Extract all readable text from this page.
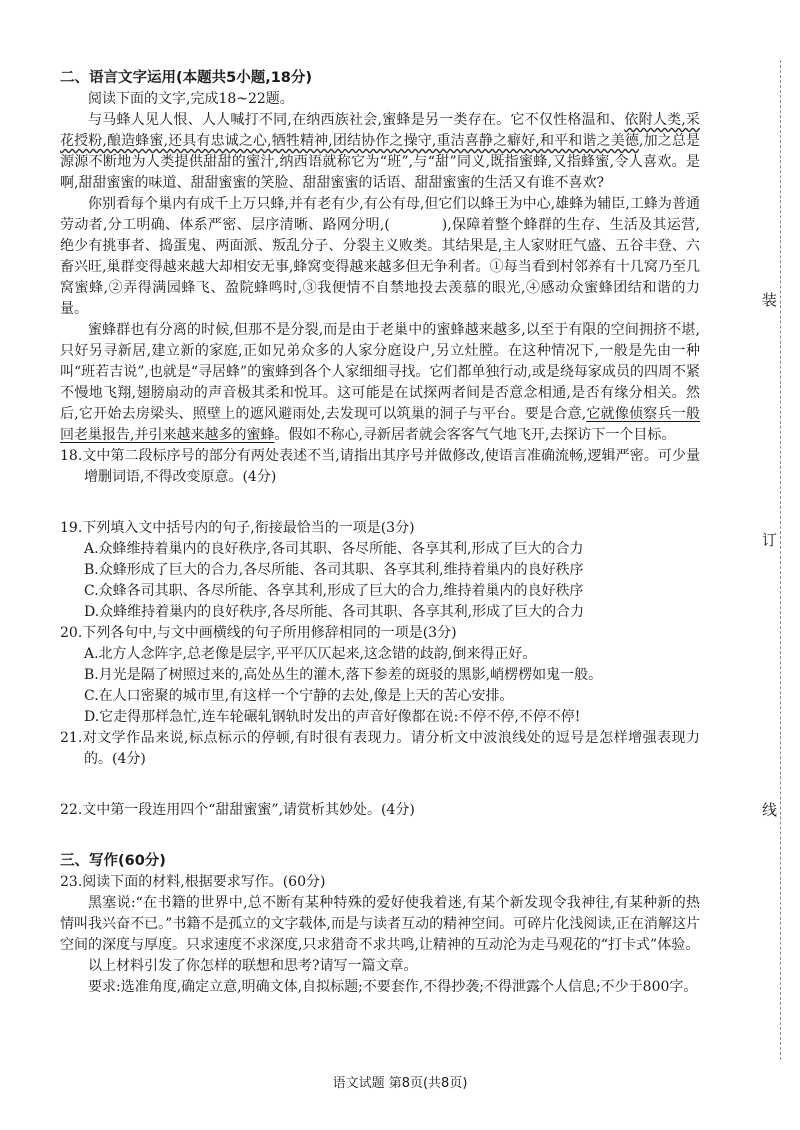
二、语言文字运用(本题共5小题,18分)

阅读下面的文字,完成18~22题。

与马蜂人见人恨、人人喊打不同,在纳西族社会,蜜蜂是另一类存在。它不仅性格温和、依附人类,采花授粉,酿造蜂蜜,还具有忠诚之心,牺牲精神,团结协作之操守,重洁喜静之癖好,和平和谐之美德,加之总是源源不断地为人类提供甜甜的蜜汁,纳西语就称它为“班”,与“甜”同义,既指蜜蜂,又指蜂蜜,令人喜欢。是啊,甜甜蜜蜜的味道、甜甜蜜蜜的笑脸、甜甜蜜蜜的话语、甜甜蜜蜜的生活又有谁不喜欢?

你别看每个巢内有成千上万只蜂,并有老有少,有公有母,但它们以蜂王为中心,雄蜂为辅臣,工蜂为普通劳动者,分工明确、体系严密、层序清晰、路网分明,(	),保障着整个蜂群的生存、生活及其运营,绝少有挑事者、捣蛋鬼、两面派、叛乱分子、分裂主义败类。其结果是,主人家财旺气盛、五谷丰登、六畜兴旺,巢群变得越来越大却相安无事,蜂窝变得越来越多但无争利者。①每当看到村邻养有十几窝乃至几窝蜜蜂,②弄得满园蜂飞、盈院蜂鸣时,③我便情不自禁地投去羡慕的眼光,④感动众蜜蜂团结和谐的力量。

蜜蜂群也有分离的时候,但那不是分裂,而是由于老巢中的蜜蜂越来越多,以至于有限的空间拥挤不堪,只好另寻新居,建立新的家庭,正如兄弟众多的人家分庭设户,另立灶膛。在这种情况下,一般是先由一种叫“班若吉说”,也就是“寻居蜂”的蜜蜂到各个人家细细寻找。它们都单独行动,或是绕每家成员的四周不紧不慢地飞翔,翅膀扇动的声音极其柔和悦耳。这可能是在试探两者间是否意念相通,是否有缘分相关。然后,它开始去房梁头、照壁上的遮风避雨处,去发现可以筑巢的洞子与平台。要是合意,它就像侦察兵一般回老巢报告,并引来越来越多的蜜蜂。假如不称心,寻新居者就会客客气气地飞开,去探访下一个目标。

18.文中第二段标序号的部分有两处表述不当,请指出其序号并做修改,使语言准确流畅,逻辑严密。可少量增删词语,不得改变原意。(4分)

19.下列填入文中括号内的句子,衔接最恰当的一项是(3分)

A.众蜂维持着巢内的良好秩序,各司其职、各尽所能、各享其利,形成了巨大的合力

B.众蜂形成了巨大的合力,各尽所能、各司其职、各享其利,维持着巢内的良好秩序

C.众蜂各司其职、各尽所能、各享其利,形成了巨大的合力,维持着巢内的良好秩序

D.众蜂维持着巢内的良好秩序,各尽所能、各司其职、各享其利,形成了巨大的合力

20.下列各句中,与文中画横线的句子所用修辞相同的一项是(3分)

A.北方人念阵字,总老像是层字,平平仄仄起来,这念错的歧韵,倒来得正好。

B.月光是隔了树照过来的,高处丛生的灌木,落下参差的斑驳的黑影,峭楞楞如鬼一般。

C.在人口密聚的城市里,有这样一个宁静的去处,像是上天的苦心安排。

D.它走得那样急忙,连车轮碾轧钢轨时发出的声音好像都在说:不停不停,不停不停!

21.对文学作品来说,标点标示的停顿,有时很有表现力。请分析文中波浪线处的逗号是怎样增强表现力的。(4分)

22.文中第一段连用四个“甜甜蜜蜜”,请赏析其妙处。(4分)

三、写作(60分)

23.阅读下面的材料,根据要求写作。(60分)

黑塞说:“在书籍的世界中,总不断有某种特殊的爱好使我着迷,有某个新发现令我神往,有某种新的热情叫我兴奋不已。”书籍不是孤立的文字载体,而是与读者互动的精神空间。可碎片化浅阅读,正在消解这片空间的深度与厚度。只求速度不求深度,只求猎奇不求共鸣,让精神的互动沦为走马观花的“打卡式”体验。

以上材料引发了你怎样的联想和思考?请写一篇文章。

要求:选准角度,确定立意,明确文体,自拟标题;不要套作,不得抄袭;不得泄露个人信息;不少于800字。

装
订
线
语文试题 第8页(共8页)
